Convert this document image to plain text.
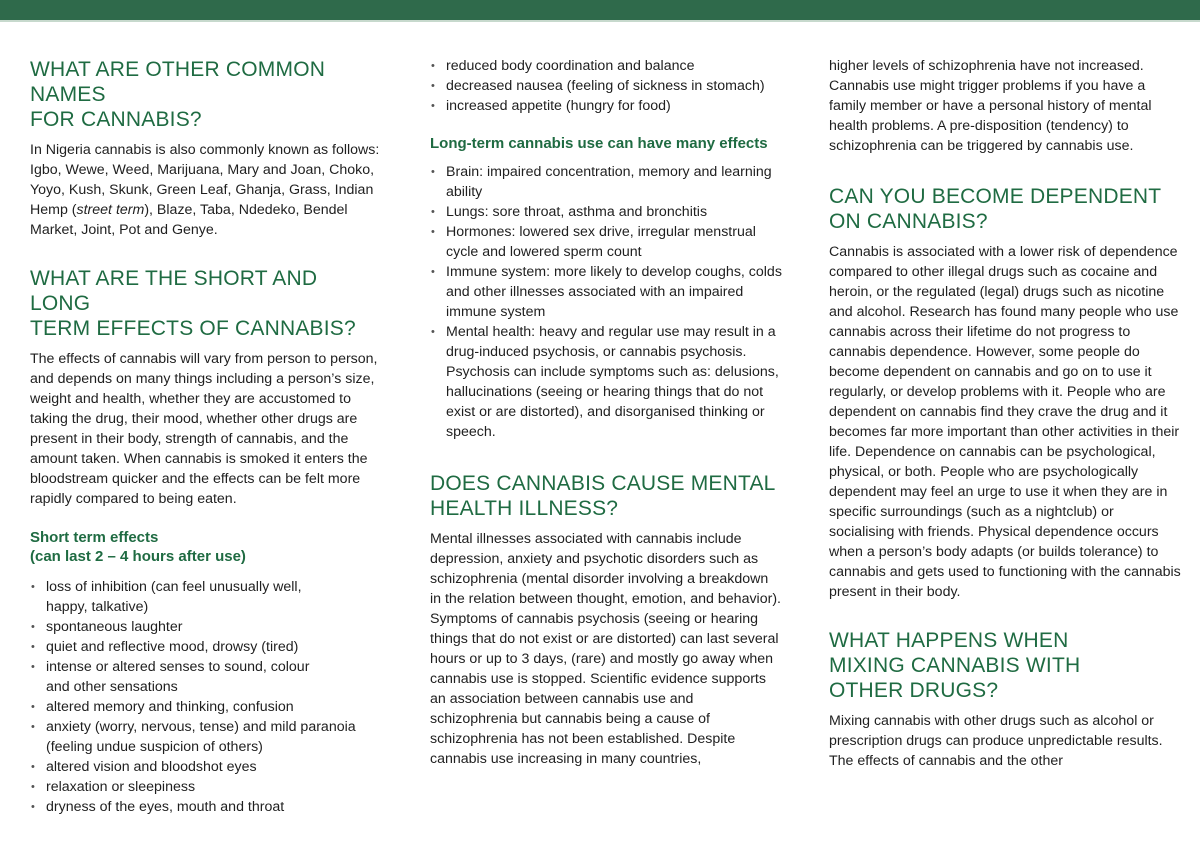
WHAT ARE OTHER COMMON NAMES
FOR CANNABIS?

In Nigeria cannabis is also commonly known as follows: Igbo, Wewe, Weed, Marijuana, Mary and Joan, Choko, Yoyo, Kush, Skunk, Green Leaf, Ghanja, Grass, Indian Hemp (street term), Blaze, Taba, Ndedeko, Bendel Market, Joint, Pot and Genye.

WHAT ARE THE SHORT AND LONG
TERM EFFECTS OF CANNABIS?

The effects of cannabis will vary from person to person, and depends on many things including a person’s size, weight and health, whether they are accustomed to taking the drug, their mood, whether other drugs are present in their body, strength of cannabis, and the amount taken. When cannabis is smoked it enters the bloodstream quicker and the effects can be felt more rapidly compared to being eaten.

Short term effects
(can last 2 – 4 hours after use)
• loss of inhibition (can feel unusually well,
happy, talkative)
• spontaneous laughter
• quiet and reflective mood, drowsy (tired)
• intense or altered senses to sound, colour
and other sensations
• altered memory and thinking, confusion
• anxiety (worry, nervous, tense) and mild paranoia (feeling undue suspicion of others)
• altered vision and bloodshot eyes
• relaxation or sleepiness
• dryness of the eyes, mouth and throat
• reduced body coordination and balance
• decreased nausea (feeling of sickness in stomach)
• increased appetite (hungry for food)
Long-term cannabis use can have many effects
• Brain: impaired concentration, memory and learning ability
• Lungs: sore throat, asthma and bronchitis
• Hormones: lowered sex drive, irregular menstrual cycle and lowered sperm count
• Immune system: more likely to develop coughs, colds and other illnesses associated with an impaired immune system
• Mental health: heavy and regular use may result in a drug-induced psychosis, or cannabis psychosis. Psychosis can include symptoms such as: delusions, hallucinations (seeing or hearing things that do not exist or are distorted), and disorganised thinking or speech.
DOES CANNABIS CAUSE MENTAL
HEALTH ILLNESS?

Mental illnesses associated with cannabis include depression, anxiety and psychotic disorders such as schizophrenia (mental disorder involving a breakdown in the relation between thought, emotion, and behavior). Symptoms of cannabis psychosis (seeing or hearing things that do not exist or are distorted) can last several hours or up to 3 days, (rare) and mostly go away when cannabis use is stopped. Scientific evidence supports an association between cannabis use and schizophrenia but cannabis being a cause of schizophrenia has not been established. Despite cannabis use increasing in many countries,

higher levels of schizophrenia have not increased. Cannabis use might trigger problems if you have a family member or have a personal history of mental health problems. A pre-disposition (tendency) to schizophrenia can be triggered by cannabis use.

CAN YOU BECOME DEPENDENT
ON CANNABIS?

Cannabis is associated with a lower risk of dependence compared to other illegal drugs such as cocaine and heroin, or the regulated (legal) drugs such as nicotine and alcohol. Research has found many people who use cannabis across their lifetime do not progress to cannabis dependence. However, some people do become dependent on cannabis and go on to use it regularly, or develop problems with it. People who are dependent on cannabis find they crave the drug and it becomes far more important than other activities in their life. Dependence on cannabis can be psychological, physical, or both. People who are psychologically dependent may feel an urge to use it when they are in specific surroundings (such as a nightclub) or socialising with friends. Physical dependence occurs when a person’s body adapts (or builds tolerance) to cannabis and gets used to functioning with the cannabis present in their body.

WHAT HAPPENS WHEN
MIXING CANNABIS WITH
OTHER DRUGS?

Mixing cannabis with other drugs such as alcohol or prescription drugs can produce unpredictable results. The effects of cannabis and the other
